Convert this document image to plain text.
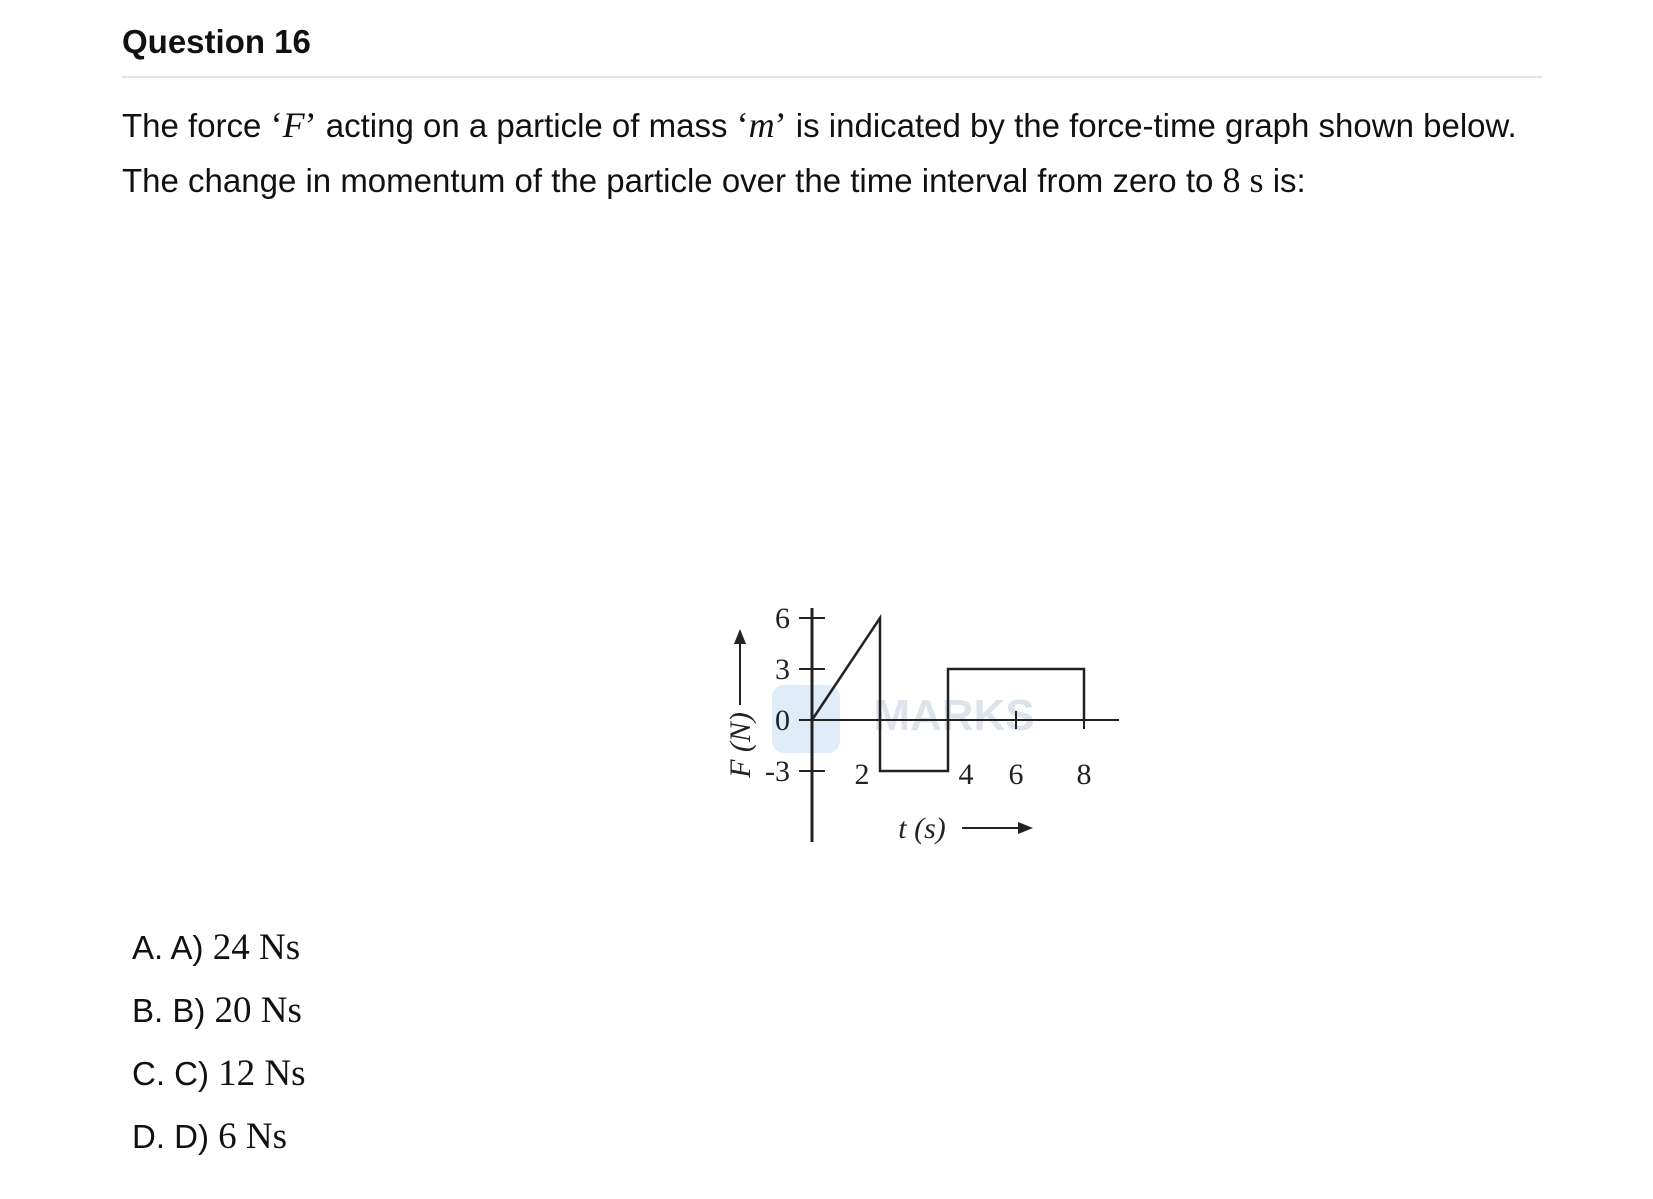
Question 16

The force ‘F’ acting on a particle of mass ‘m’ is indicated by the force-time graph shown below. The change in momentum of the particle over the time interval from zero to 8 s is:

MARKS
6
3
0
-3 2	4 6 8
t (s)
F (N)
A. A) 24 Ns
B. B) 20 Ns
C. C) 12 Ns
D. D) 6 Ns
